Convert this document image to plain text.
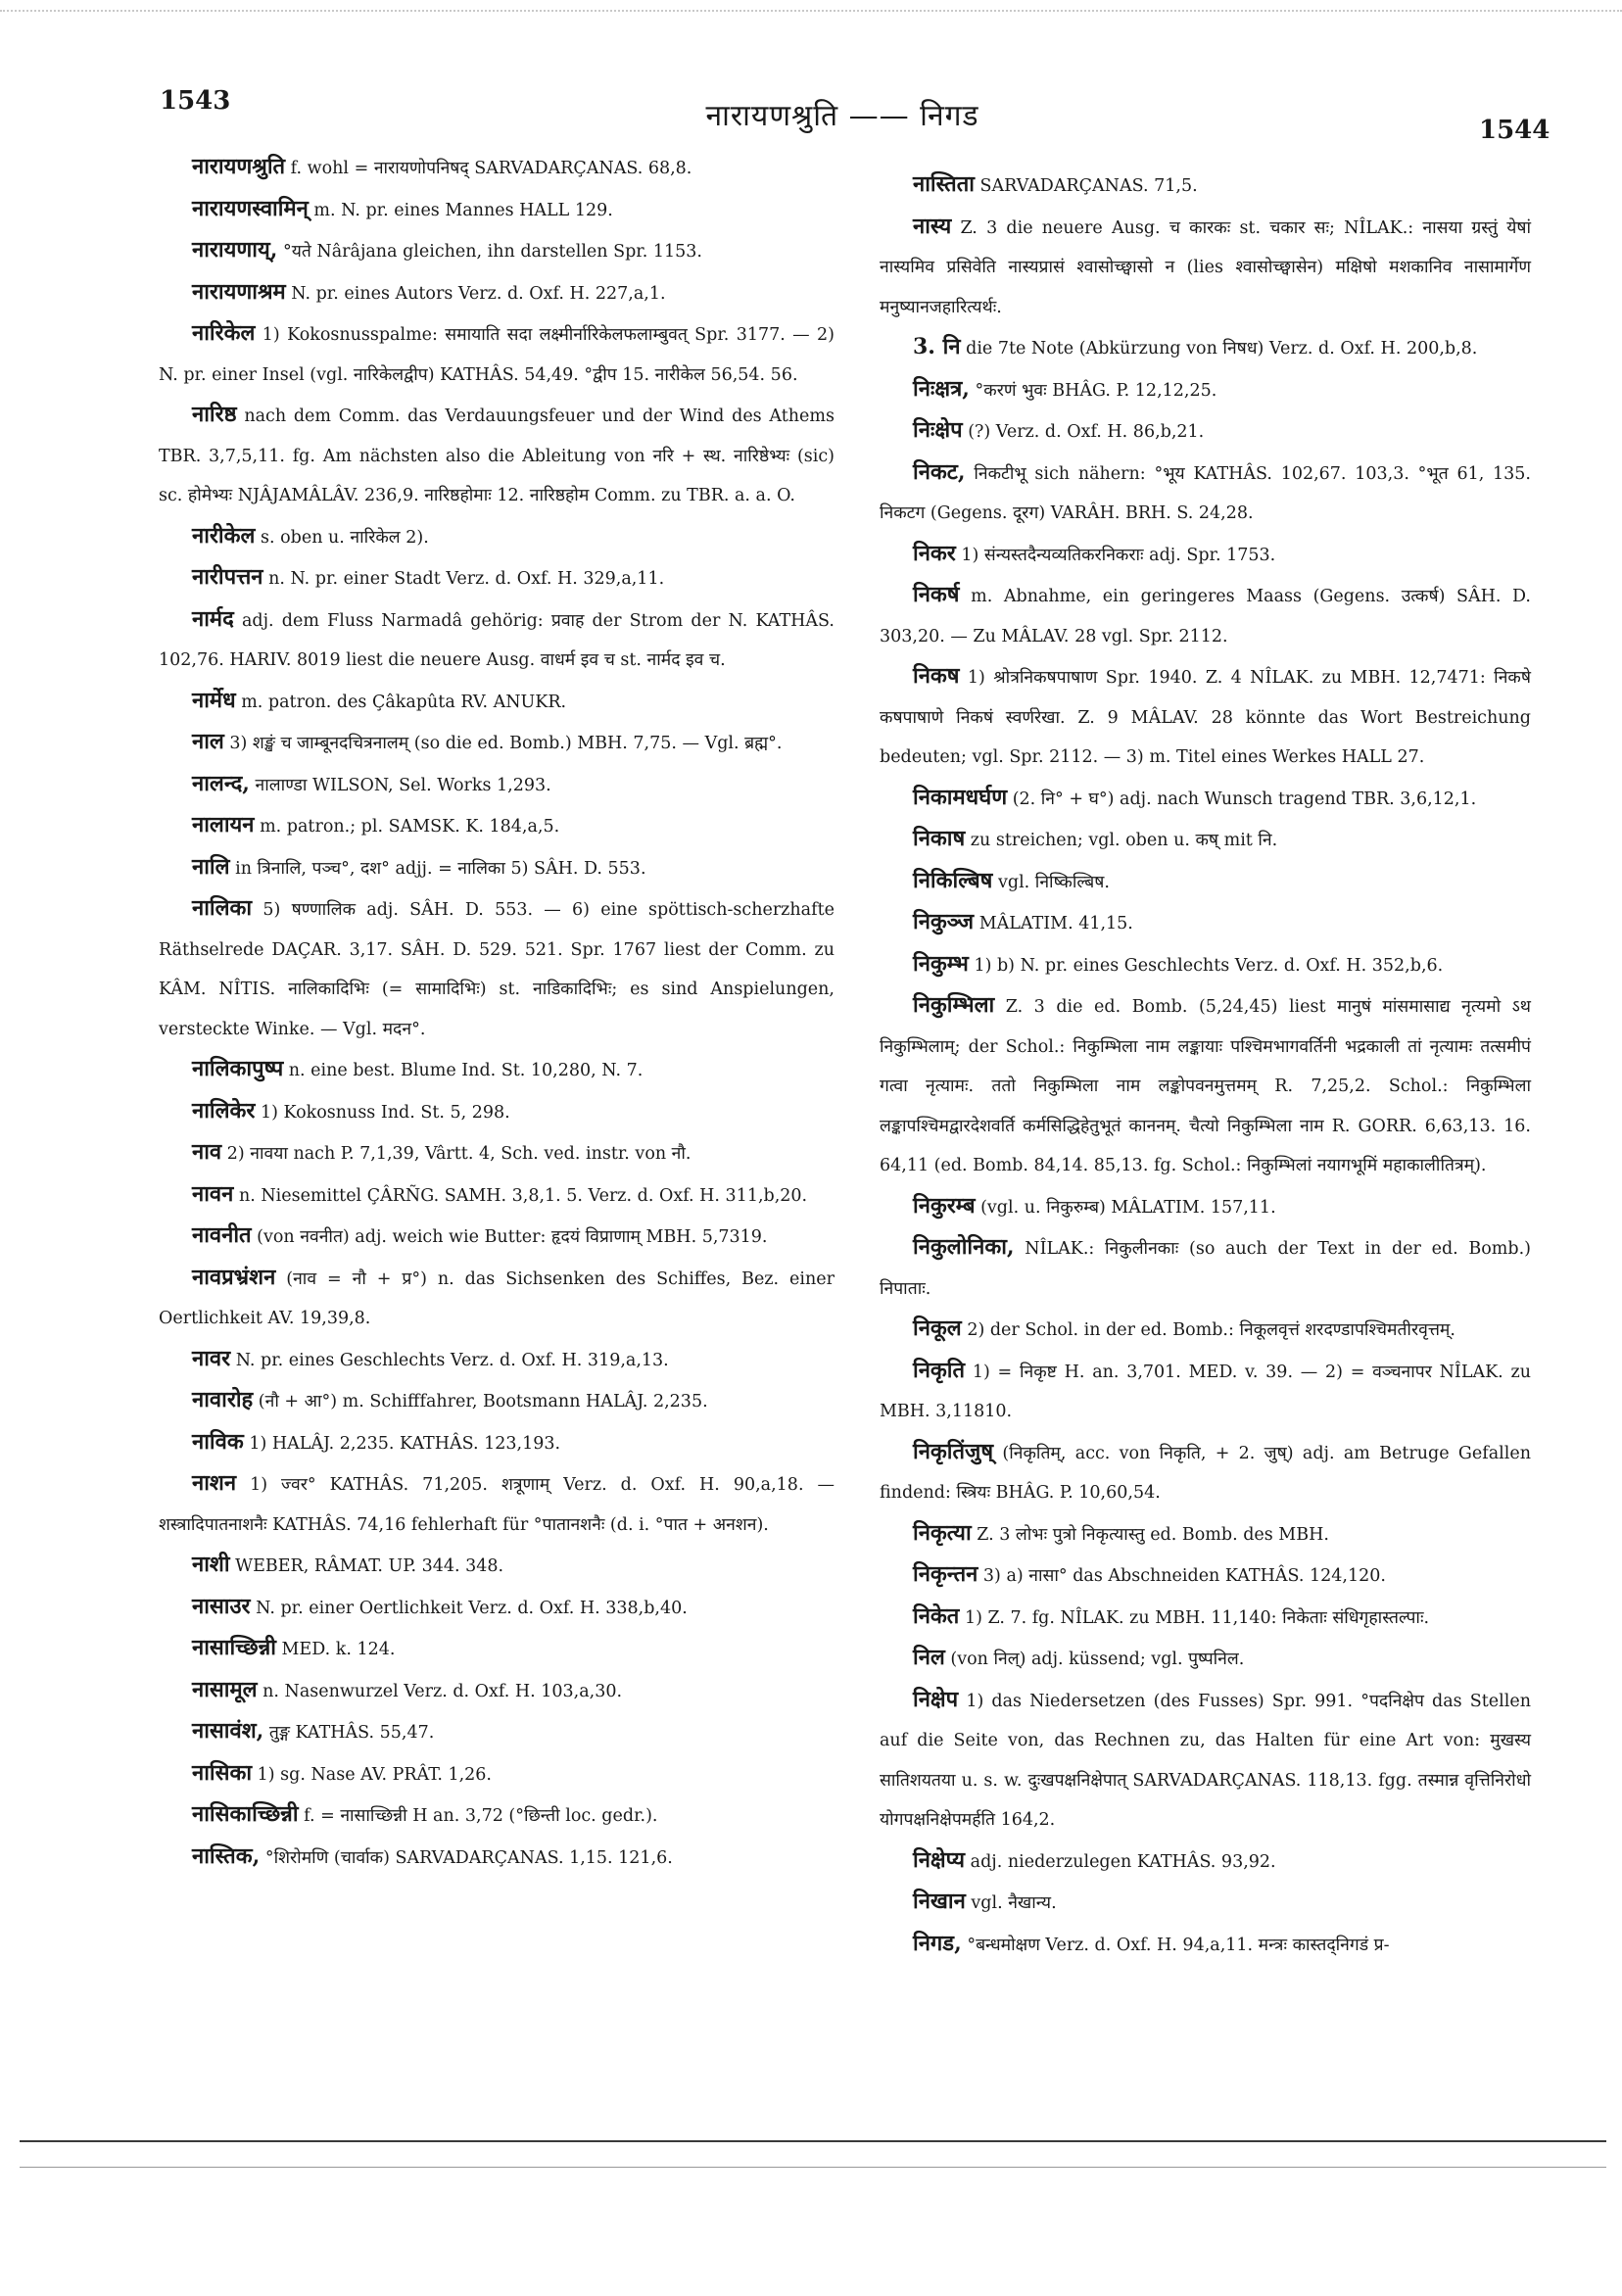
1543	नारायणश्रुति —— निगड	1544

नारायणश्रुति f. wohl = नारायणोपनिषद् SARVADARÇANAS. 68,8.

नारायणस्वामिन् m. N. pr. eines Mannes HALL 129.

नारायणाय्, °यते Nârâjana gleichen, ihn darstellen Spr. 1153.

नारायणाश्रम N. pr. eines Autors Verz. d. Oxf. H. 227,a,1.

नारिकेल 1) Kokosnusspalme: समायाति सदा लक्ष्मीर्नारिकेलफलाम्बुवत् Spr. 3177. — 2) N. pr. einer Insel (vgl. नारिकेलद्वीप) KATHÂS. 54,49. °द्वीप 15. नारीकेल 56,54. 56.

नारिष्ठ nach dem Comm. das Verdauungsfeuer und der Wind des Athems TBR. 3,7,5,11. fg. Am nächsten also die Ableitung von नरि + स्थ. नारिष्ठेभ्यः (sic) sc. होमेभ्यः NJÂJAMÂLÂV. 236,9. नारिष्ठहोमाः 12. नारिष्ठहोम Comm. zu TBR. a. a. O.

नारीकेल s. oben u. नारिकेल 2).

नारीपत्तन n. N. pr. einer Stadt Verz. d. Oxf. H. 329,a,11.

नार्मद adj. dem Fluss Narmadâ gehörig: प्रवाह der Strom der N. KATHÂS. 102,76. HARIV. 8019 liest die neuere Ausg. वाधर्म इव च st. नार्मद इव च.

नार्मेध m. patron. des Çâkapûta RV. ANUKR.

नाल 3) शङ्खं च जाम्बूनदचित्रनालम् (so die ed. Bomb.) MBH. 7,75. — Vgl. ब्रह्म°.

नालन्द, नालाण्डा WILSON, Sel. Works 1,293.

नालायन m. patron.; pl. SAMSK. K. 184,a,5.

नालि in त्रिनालि, पञ्च°, दश° adjj. = नालिका 5) SÂH. D. 553.

नालिका 5) षण्णालिक adj. SÂH. D. 553. — 6) eine spöttisch-scherzhafte Räthselrede DAÇAR. 3,17. SÂH. D. 529. 521. Spr. 1767 liest der Comm. zu KÂM. NÎTIS. नालिकादिभिः (= सामादिभिः) st. नाडिकादिभिः; es sind Anspielungen, versteckte Winke. — Vgl. मदन°.

नालिकापुष्प n. eine best. Blume Ind. St. 10,280, N. 7.

नालिकेर 1) Kokosnuss Ind. St. 5, 298.

नाव 2) नावया nach P. 7,1,39, Vârtt. 4, Sch. ved. instr. von नौ.

नावन n. Niesemittel ÇÂRÑG. SAMH. 3,8,1. 5. Verz. d. Oxf. H. 311,b,20.

नावनीत (von नवनीत) adj. weich wie Butter: हृदयं विप्राणाम् MBH. 5,7319.

नावप्रभ्रंशन (नाव = नौ + प्र°) n. das Sichsenken des Schiffes, Bez. einer Oertlichkeit AV. 19,39,8.

नावर N. pr. eines Geschlechts Verz. d. Oxf. H. 319,a,13.

नावारोह (नौ + आ°) m. Schifffahrer, Bootsmann HALÂJ. 2,235.

नाविक 1) HALÂJ. 2,235. KATHÂS. 123,193.

नाशन 1) ज्वर° KATHÂS. 71,205. शत्रूणाम् Verz. d. Oxf. H. 90,a,18. — शस्त्रादिपातनाशनैः KATHÂS. 74,16 fehlerhaft für °पातानशनैः (d. i. °पात + अनशन).

नाशी WEBER, RÂMAT. UP. 344. 348.

नासाउर N. pr. einer Oertlichkeit Verz. d. Oxf. H. 338,b,40.

नासाच्छिन्नी MED. k. 124.

नासामूल n. Nasenwurzel Verz. d. Oxf. H. 103,a,30.

नासावंश, तुङ्ग KATHÂS. 55,47.

नासिका 1) sg. Nase AV. PRÂT. 1,26.

नासिकाच्छिन्नी f. = नासाच्छिन्नी H an. 3,72 (°छिन्ती loc. gedr.).

नास्तिक, °शिरोमणि (चार्वाक) SARVADARÇANAS. 1,15. 121,6.

नास्तिता SARVADARÇANAS. 71,5.

नास्य Z. 3 die neuere Ausg. च कारकः st. चकार सः; NÎLAK.: नासया ग्रस्तुं येषां नास्यमिव प्रसिवेति नास्यप्रासं श्वासोच्छ्वासो न (lies श्वासोच्छ्वासेन) मक्षिषो मशकानिव नासामार्गेण मनुष्यानजहारित्यर्थः.

3. नि die 7te Note (Abkürzung von निषध) Verz. d. Oxf. H. 200,b,8.

निःक्षत्र, °करणं भुवः BHÂG. P. 12,12,25.

निःक्षेप (?) Verz. d. Oxf. H. 86,b,21.

निकट, निकटीभू sich nähern: °भूय KATHÂS. 102,67. 103,3. °भूत 61, 135. निकटग (Gegens. दूरग) VARÂH. BRH. S. 24,28.

निकर 1) संन्यस्तदैन्यव्यतिकरनिकराः adj. Spr. 1753.

निकर्ष m. Abnahme, ein geringeres Maass (Gegens. उत्कर्ष) SÂH. D. 303,20. — Zu MÂLAV. 28 vgl. Spr. 2112.

निकष 1) श्रोत्रनिकषपाषाण Spr. 1940. Z. 4 NÎLAK. zu MBH. 12,7471: निकषे कषपाषाणे निकषं स्वर्णरेखा. Z. 9 MÂLAV. 28 könnte das Wort Bestreichung bedeuten; vgl. Spr. 2112. — 3) m. Titel eines Werkes HALL 27.

निकामधर्घण (2. नि° + घ°) adj. nach Wunsch tragend TBR. 3,6,12,1.

निकाष zu streichen; vgl. oben u. कष् mit नि.

निकिल्बिष vgl. निष्किल्बिष.

निकुञ्ज MÂLATIM. 41,15.

निकुम्भ 1) b) N. pr. eines Geschlechts Verz. d. Oxf. H. 352,b,6.

निकुम्भिला Z. 3 die ed. Bomb. (5,24,45) liest मानुषं मांसमासाद्य नृत्यमो ऽथ निकुम्भिलाम्; der Schol.: निकुम्भिला नाम लङ्कायाः पश्चिमभागवर्तिनी भद्रकाली तां नृत्यामः तत्समीपं गत्वा नृत्यामः. ततो निकुम्भिला नाम लङ्कोपवनमुत्तमम् R. 7,25,2. Schol.: निकुम्भिला लङ्कापश्चिमद्वारदेशवर्ति कर्मसिद्धिहेतुभूतं काननम्. चैत्यो निकुम्भिला नाम R. GORR. 6,63,13. 16. 64,11 (ed. Bomb. 84,14. 85,13. fg. Schol.: निकुम्भिलां नयागभूमिं महाकालीतित्रम्).

निकुरम्ब (vgl. u. निकुरुम्ब) MÂLATIM. 157,11.

निकुलोनिका, NÎLAK.: निकुलीनकाः (so auch der Text in der ed. Bomb.) निपाताः.

निकूल 2) der Schol. in der ed. Bomb.: निकूलवृत्तं शरदण्डापश्चिमतीरवृत्तम्.

निकृति 1) = निकृष्ट H. an. 3,701. MED. v. 39. — 2) = वञ्चनापर NÎLAK. zu MBH. 3,11810.

निकृतिंजुष् (निकृतिम्, acc. von निकृति, + 2. जुष्) adj. am Betruge Gefallen findend: स्त्रियः BHÂG. P. 10,60,54.

निकृत्या Z. 3 लोभः पुत्रो निकृत्यास्तु ed. Bomb. des MBH.

निकृन्तन 3) a) नासा° das Abschneiden KATHÂS. 124,120.

निकेत 1) Z. 7. fg. NÎLAK. zu MBH. 11,140: निकेताः संधिगृहास्तल्पाः.

निल (von निल्) adj. küssend; vgl. पुष्पनिल.

निक्षेप 1) das Niedersetzen (des Fusses) Spr. 991. °पदनिक्षेप das Stellen auf die Seite von, das Rechnen zu, das Halten für eine Art von: मुखस्य सातिशयतया u. s. w. दुःखपक्षनिक्षेपात् SARVADARÇANAS. 118,13. fgg. तस्मान्न वृत्तिनिरोधो योगपक्षनिक्षेपमर्हति 164,2.

निक्षेप्य adj. niederzulegen KATHÂS. 93,92.

निखान vgl. नैखान्य.

निगड, °बन्धमोक्षण Verz. d. Oxf. H. 94,a,11. मन्त्रः कास्तद्निगडं प्र-
